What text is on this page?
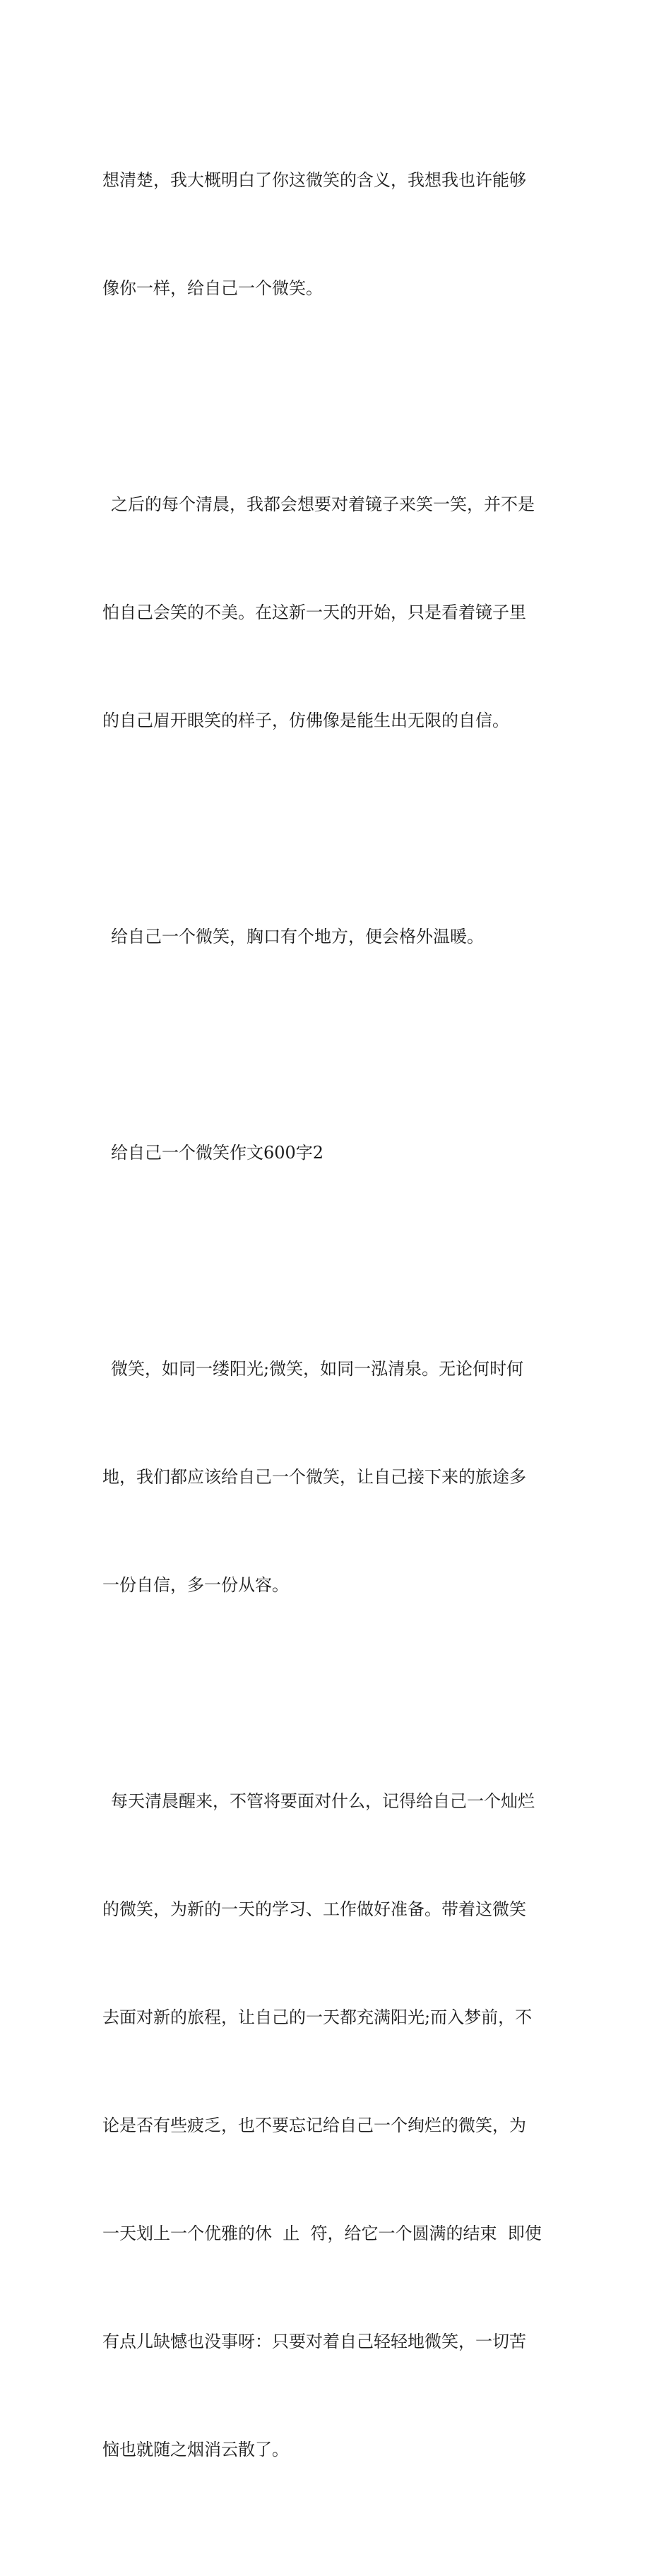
想清楚，我大概明白了你这微笑的含义，我想我也许能够

像你一样，给自己一个微笑。

之后的每个清晨，我都会想要对着镜子来笑一笑，并不是

怕自己会笑的不美。在这新一天的开始，只是看着镜子里

的自己眉开眼笑的样子，仿佛像是能生出无限的自信。

给自己一个微笑，胸口有个地方，便会格外温暖。

给自己一个微笑作文600字2

微笑，如同一缕阳光;微笑，如同一泓清泉。无论何时何

地，我们都应该给自己一个微笑，让自己接下来的旅途多

一份自信，多一份从容。

每天清晨醒来，不管将要面对什么，记得给自己一个灿烂

的微笑，为新的一天的学习、工作做好准备。带着这微笑

去面对新的旅程，让自己的一天都充满阳光;而入梦前，不

论是否有些疲乏，也不要忘记给自己一个绚烂的微笑，为

一天划上一个优雅的休  止  符，给它一个圆满的结束  即使

有点儿缺憾也没事呀：只要对着自己轻轻地微笑，一切苦

恼也就随之烟消云散了。
